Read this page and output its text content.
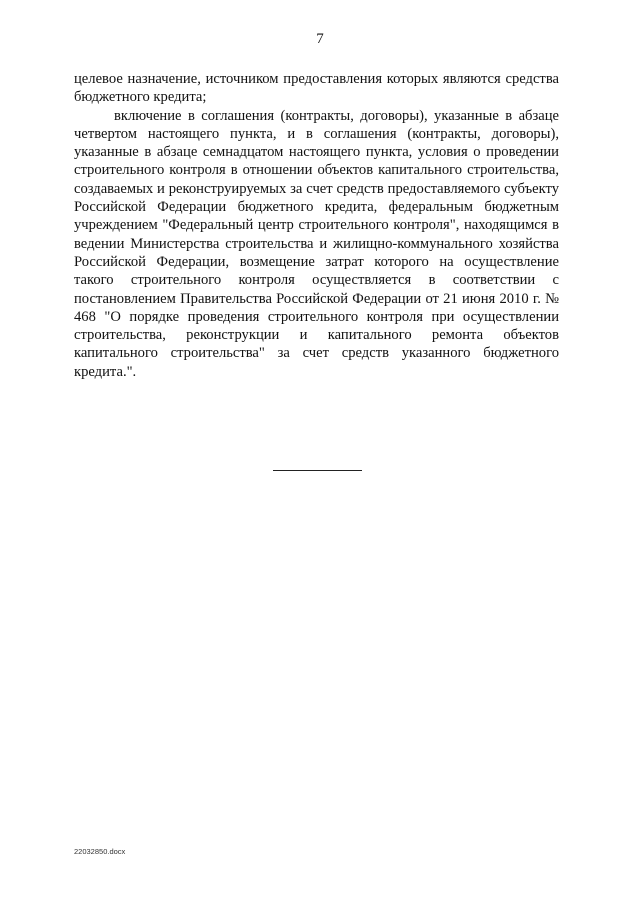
7

целевое назначение, источником предоставления которых являются средства бюджетного кредита;

включение в соглашения (контракты, договоры), указанные в абзаце четвертом настоящего пункта, и в соглашения (контракты, договоры), указанные в абзаце семнадцатом настоящего пункта, условия о проведении строительного контроля в отношении объектов капитального строительства, создаваемых и реконструируемых за счет средств предоставляемого субъекту Российской Федерации бюджетного кредита, федеральным бюджетным учреждением "Федеральный центр строительного контроля", находящимся в ведении Министерства строительства и жилищно-коммунального хозяйства Российской Федерации, возмещение затрат которого на осуществление такого строительного контроля осуществляется в соответствии с постановлением Правительства Российской Федерации от 21 июня 2010 г. № 468 "О порядке проведения строительного контроля при осуществлении строительства, реконструкции и капитального ремонта объектов капитального строительства" за счет средств указанного бюджетного кредита.".

22032850.docx
